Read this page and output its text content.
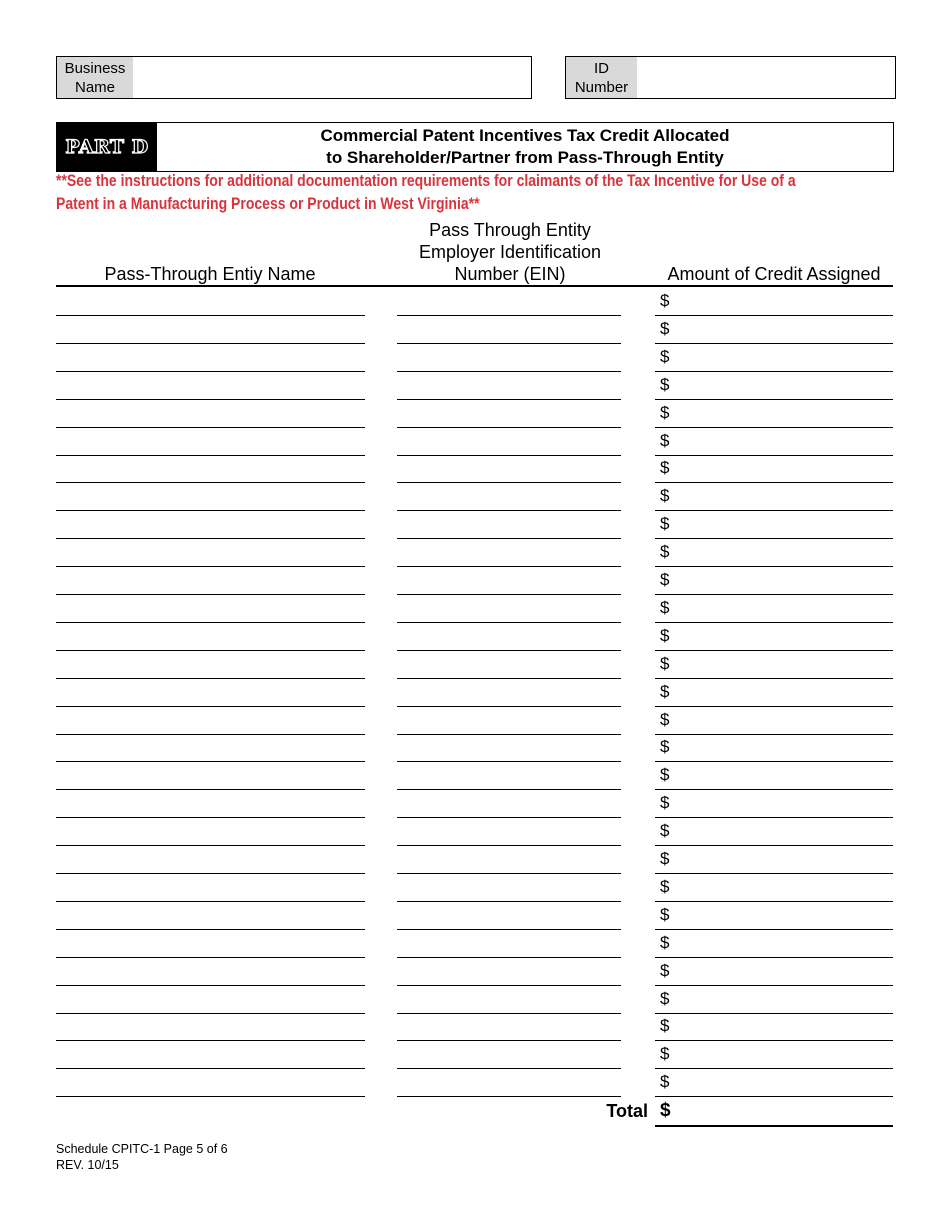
Business Name
ID Number
PART D
Commercial Patent Incentives Tax Credit Allocated
to Shareholder/Partner from Pass-Through Entity
**See the instructions for additional documentation requirements for claimants of the Tax Incentive for Use of a
Patent in a Manufacturing Process or Product in West Virginia**
Pass-Through Entiy Name
Pass Through Entity
Employer Identification
Number (EIN)	Amount of Credit Assigned
$
$
$
$
$
$
$
$
$
$
$
$
$
$
$
$
$
$
$
$
$
$
$
$
$
$
$
$
$
Total $
Schedule CPITC-1 Page 5 of 6
REV. 10/15
